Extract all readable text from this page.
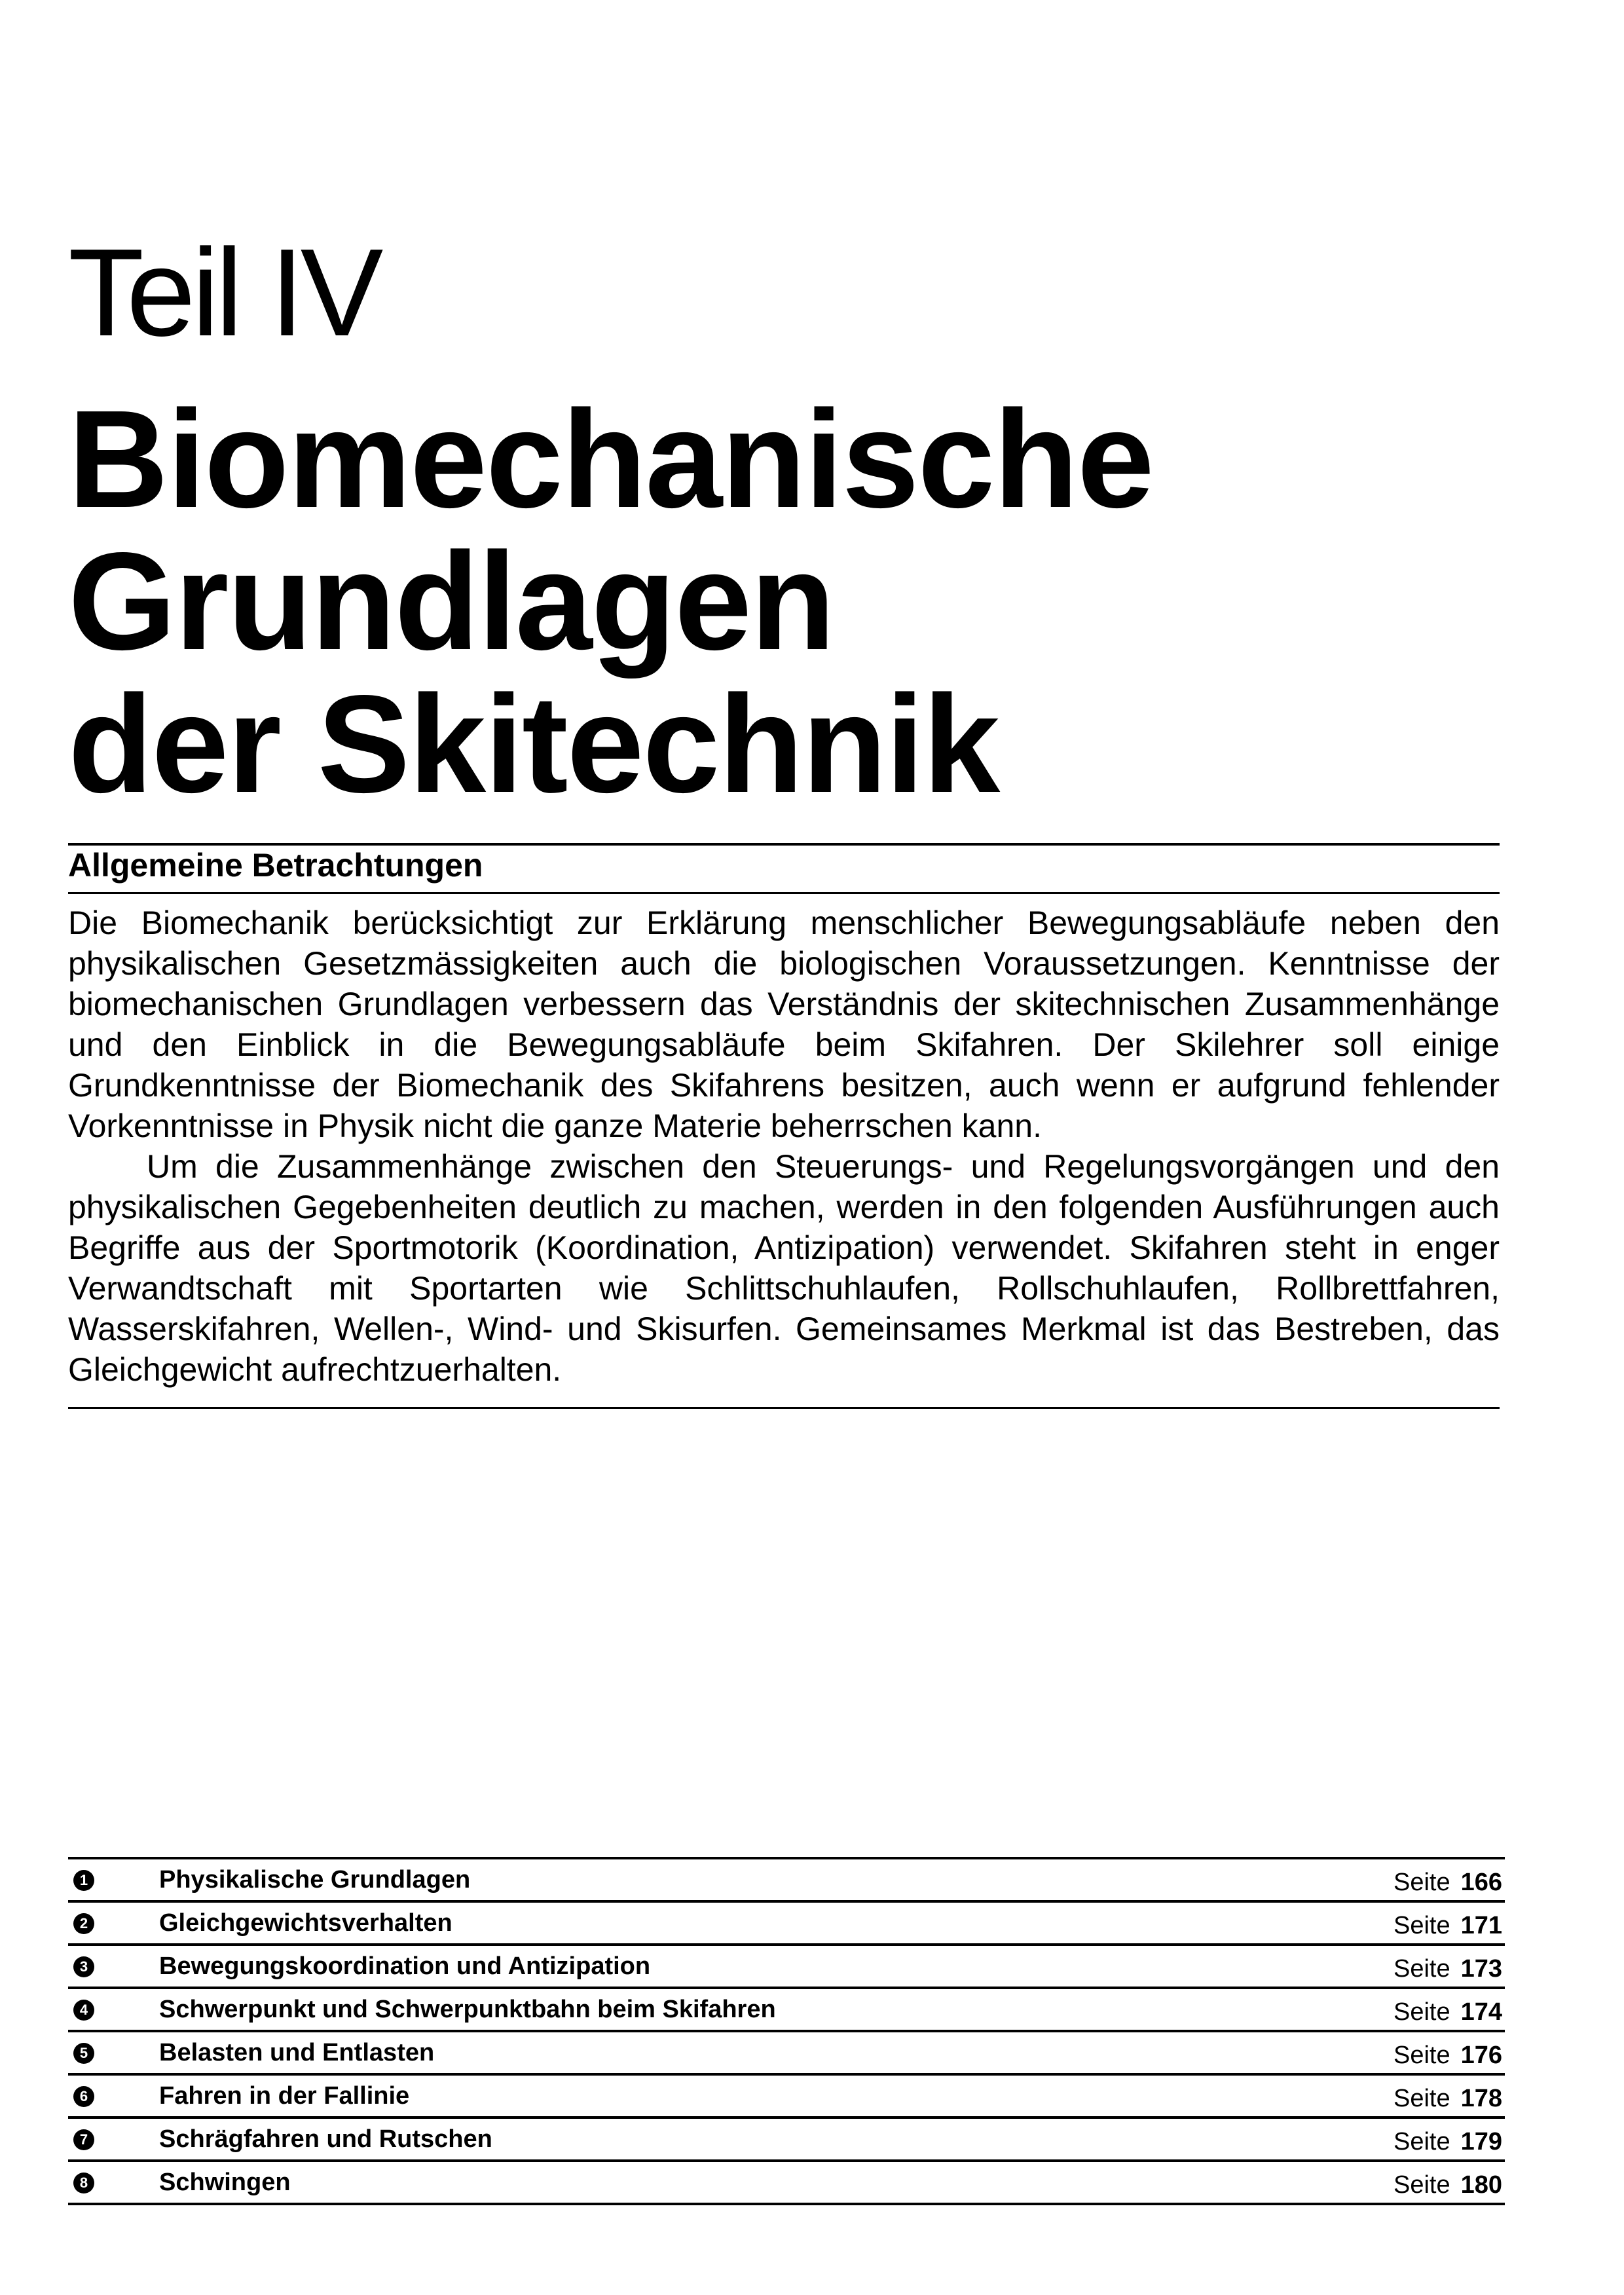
Teil IV
Biomechanische
Grundlagen
der Skitechnik
Allgemeine Betrachtungen

Die Biomechanik berücksichtigt zur Erklärung menschlicher Bewegungsabläufe neben den physikalischen Gesetzmässigkeiten auch die biologischen Voraussetzungen. Kenntnisse der biomechanischen Grundlagen verbessern das Verständnis der skitechnischen Zusammenhänge und den Einblick in die Bewegungsabläufe beim Skifahren. Der Skilehrer soll einige Grundkenntnisse der Biomechanik des Skifahrens besitzen, auch wenn er aufgrund fehlender Vorkenntnisse in Physik nicht die ganze Materie beherrschen kann.

Um die Zusammenhänge zwischen den Steuerungs- und Regelungsvorgängen und den physikalischen Gegebenheiten deutlich zu machen, werden in den folgenden Ausführungen auch Begriffe aus der Sportmotorik (Koordination, Antizipation) verwendet. Skifahren steht in enger Verwandtschaft mit Sportarten wie Schlittschuhlaufen, Rollschuhlaufen, Rollbrettfahren, Wasserskifahren, Wellen-, Wind- und Skisurfen. Gemeinsames Merkmal ist das Bestreben, das Gleichgewicht aufrechtzuerhalten.

1	Physikalische Grundlagen	Seite 166
2	Gleichgewichtsverhalten	Seite 171
3	Bewegungskoordination und Antizipation	Seite 173
4	Schwerpunkt und Schwerpunktbahn beim Skifahren	Seite 174
5	Belasten und Entlasten	Seite 176
6	Fahren in der Fallinie	Seite 178
7	Schrägfahren und Rutschen	Seite 179
8	Schwingen	Seite 180
